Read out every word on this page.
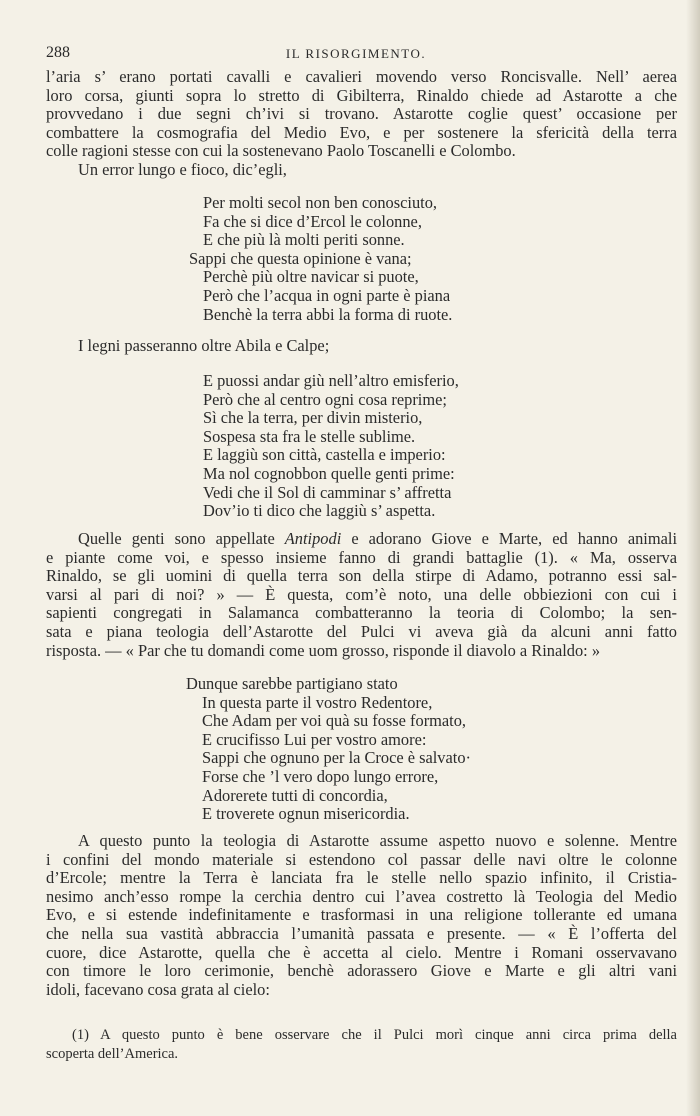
288	IL RISORGIMENTO.
l’aria s’ erano portati cavalli e cavalieri movendo verso Roncisvalle. Nell’ aerea
loro corsa, giunti sopra lo stretto di Gibilterra, Rinaldo chiede ad Astarotte a che
provvedano i due segni ch’ivi si trovano. Astarotte coglie quest’ occasione per
combattere la cosmografia del Medio Evo, e per sostenere la sfericità della terra
colle ragioni stesse con cui la sostenevano Paolo Toscanelli e Colombo.
Un error lungo e fioco, dic’egli,
Per molti secol non ben conosciuto,
Fa che si dice d’Ercol le colonne,
E che più là molti periti sonne.
Sappi che questa opinione è vana;
Perchè più oltre navicar si puote,
Però che l’acqua in ogni parte è piana
Benchè la terra abbi la forma di ruote.
I legni passeranno oltre Abila e Calpe;
E puossi andar giù nell’altro emisferio,
Però che al centro ogni cosa reprime;
Sì che la terra, per divin misterio,
Sospesa sta fra le stelle sublime.
E laggiù son città, castella e imperio:
Ma nol cognobbon quelle genti prime:
Vedi che il Sol di camminar s’ affretta
Dov’io ti dico che laggiù s’ aspetta.
Quelle genti sono appellate Antipodi e adorano Giove e Marte, ed hanno animali
e piante come voi, e spesso insieme fanno di grandi battaglie (1). « Ma, osserva
Rinaldo, se gli uomini di quella terra son della stirpe di Adamo, potranno essi sal-
varsi al pari di noi? » — È questa, com’è noto, una delle obbiezioni con cui i
sapienti congregati in Salamanca combatteranno la teoria di Colombo; la sen-
sata e piana teologia dell’Astarotte del Pulci vi aveva già da alcuni anni fatto
risposta. — « Par che tu domandi come uom grosso, risponde il diavolo a Rinaldo: »
Dunque sarebbe partigiano stato
In questa parte il vostro Redentore,
Che Adam per voi quà su fosse formato,
E crucifisso Lui per vostro amore:
Sappi che ognuno per la Croce è salvato·
Forse che ’l vero dopo lungo errore,
Adorerete tutti di concordia,
E troverete ognun misericordia.
A questo punto la teologia di Astarotte assume aspetto nuovo e solenne. Mentre
i confini del mondo materiale si estendono col passar delle navi oltre le colonne
d’Ercole; mentre la Terra è lanciata fra le stelle nello spazio infinito, il Cristia-
nesimo anch’esso rompe la cerchia dentro cui l’avea costretto là Teologia del Medio
Evo, e si estende indefinitamente e trasformasi in una religione tollerante ed umana
che nella sua vastità abbraccia l’umanità passata e presente. — « È l’offerta del
cuore, dice Astarotte, quella che è accetta al cielo. Mentre i Romani osservavano
con timore le loro cerimonie, benchè adorassero Giove e Marte e gli altri vani
idoli, facevano cosa grata al cielo:
(1) A questo punto è bene osservare che il Pulci morì cinque anni circa prima della
scoperta dell’America.
